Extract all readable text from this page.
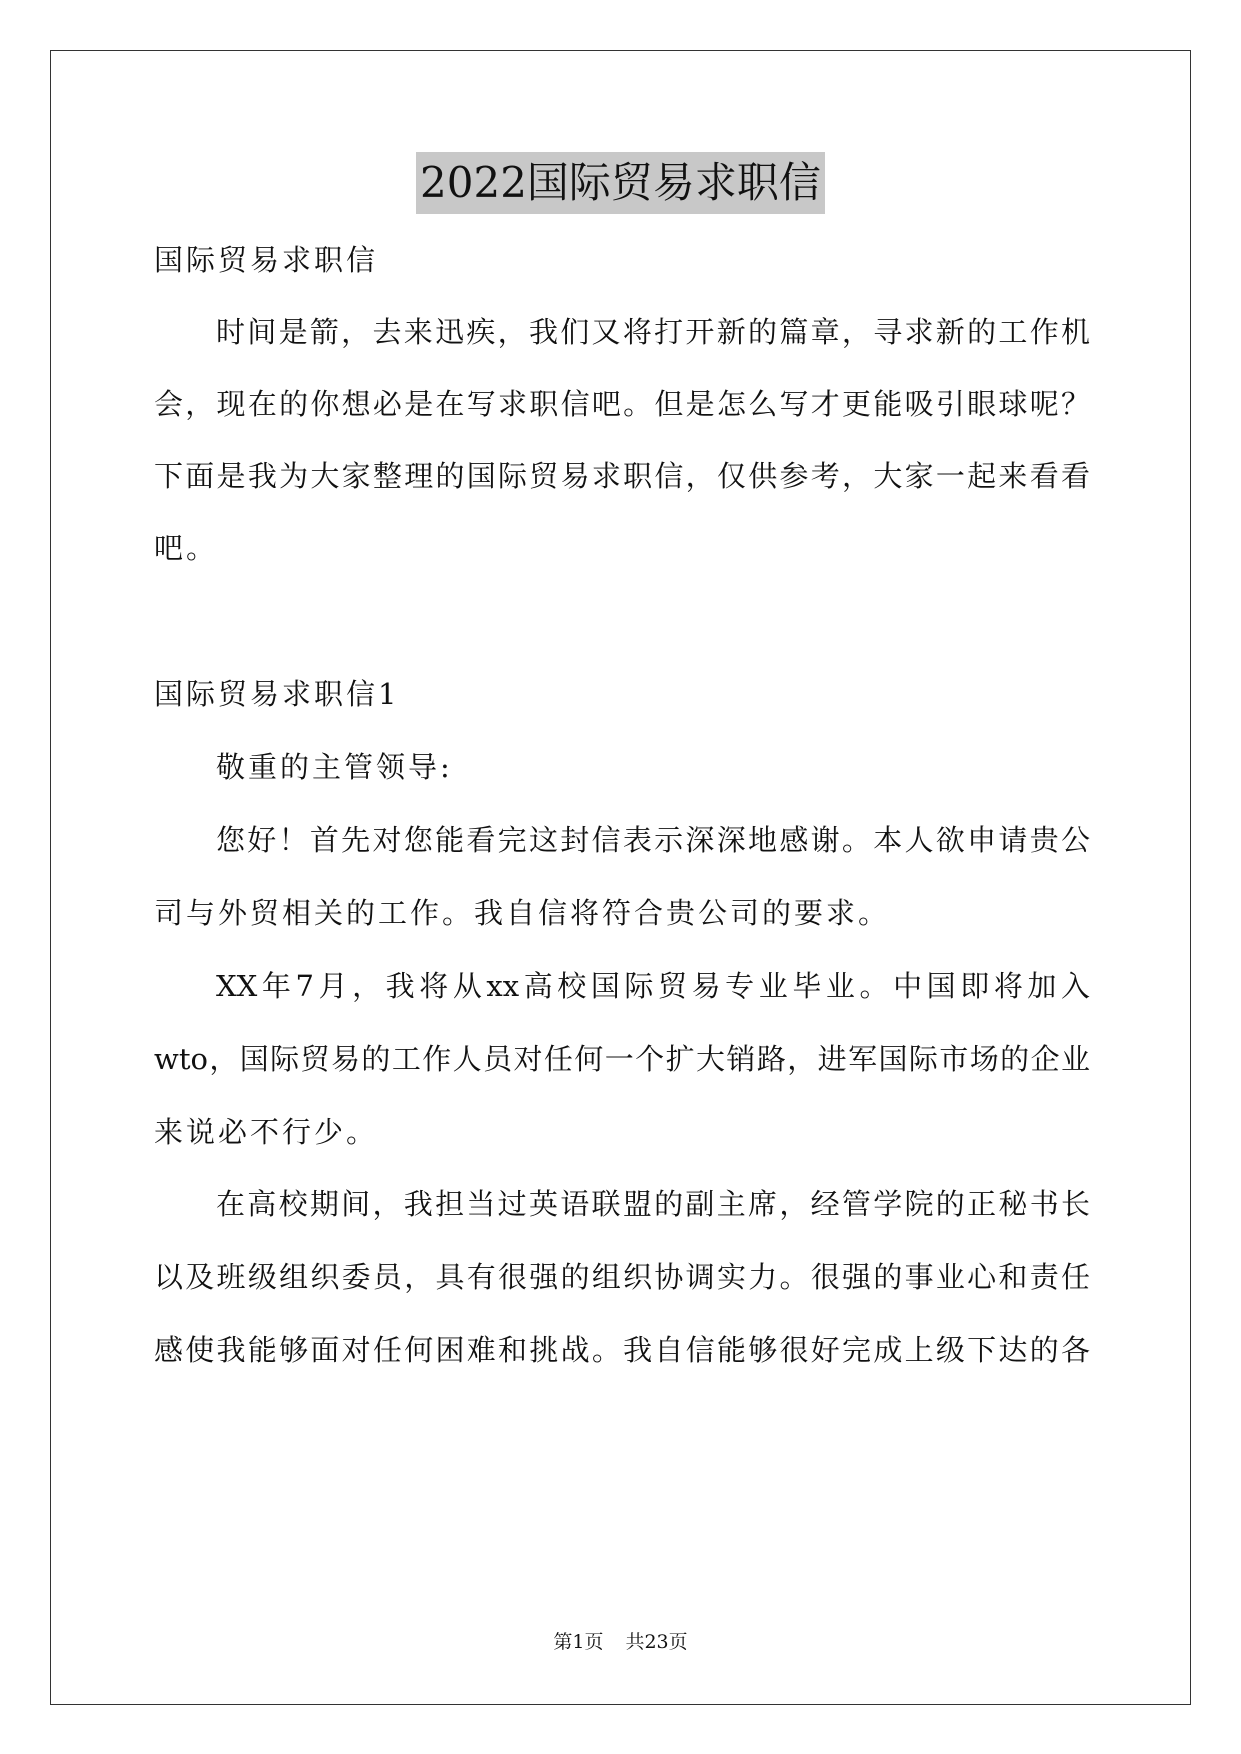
2022国际贸易求职信
国际贸易求职信
时间是箭，去来迅疾，我们又将打开新的篇章，寻求新的工作机
会，现在的你想必是在写求职信吧。但是怎么写才更能吸引眼球呢？
下面是我为大家整理的国际贸易求职信，仅供参考，大家一起来看看
吧。
国际贸易求职信1
敬重的主管领导:
您好！首先对您能看完这封信表示深深地感谢。本人欲申请贵公
司与外贸相关的工作。我自信将符合贵公司的要求。
XX年7月，我将从xx高校国际贸易专业毕业。中国即将加入
wto，国际贸易的工作人员对任何一个扩大销路，进军国际市场的企业
来说必不行少。
在高校期间，我担当过英语联盟的副主席，经管学院的正秘书长
以及班级组织委员，具有很强的组织协调实力。很强的事业心和责任
感使我能够面对任何困难和挑战。我自信能够很好完成上级下达的各
第1页 共23页
